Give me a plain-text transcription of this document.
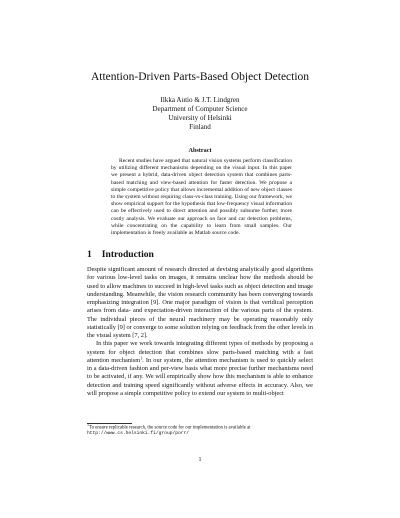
Attention-Driven Parts-Based Object Detection
Ilkka Autio & J.T. Lindgren
Department of Computer Science
University of Helsinki
Finland
Abstract

Recent studies have argued that natural vision systems perform classification by utilizing different mechanisms depending on the visual input. In this paper we present a hybrid, data-driven object detection system that combines parts-based matching and view-based attention for faster detection. We propose a simple competitive policy that allows incremental addition of new object classes to the system without requiring class-vs-class training. Using our framework, we show empirical support for the hypothesis that low-frequency visual information can be effectively used to direct attention and possibly subsume further, more costly analysis. We evaluate our approach on face and car detection problems, while concentrating on the capability to learn from small samples. Our implementation is freely available as Matlab source code.

1 Introduction

Despite significant amount of research directed at devising analytically good algorithms for various low-level tasks on images, it remains unclear how the methods should be used to allow machines to succeed in high-level tasks such as object detection and image understanding. Meanwhile, the vision research community has been converging towards emphasizing integration [9]. One major paradigm of vision is that veridical perception arises from data- and expectation-driven interaction of the various parts of the system. The individual pieces of the neural machinery may be operating reasonably only statistically [9] or converge to some solution relying on feedback from the other levels in the visual system [7, 2].

In this paper we work towards integrating different types of methods by proposing a system for object detection that combines slow parts-based matching with a fast attention mechanism$^1$. In our system, the attention mechanism is used to quickly select in a data-driven fashion and per-view basis what more precise further mechanisms need to be activated, if any. We will empirically show how this mechanism is able to enhance detection and training speed significantly without adverse effects in accuracy. Also, we will propose a simple competitive policy to extend our system to multi-object

$^1$To ensure replicable research, the source code for our implementation is available at
http://www.cs.helsinki.fi/group/porr/
1
